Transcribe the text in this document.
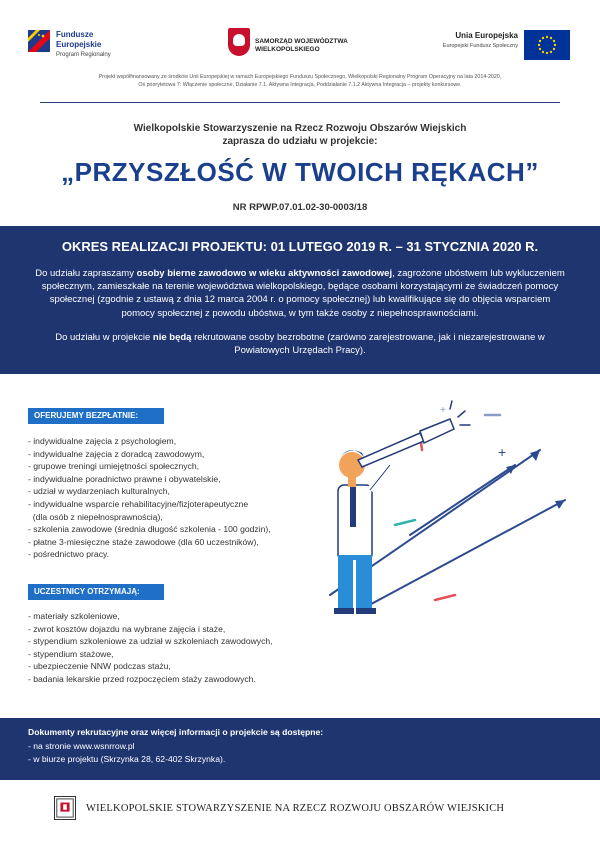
Fundusze
Europejskie
Program Regionalny
SAMORZĄD WOJEWÓDZTWA
WIELKOPOLSKIEGO
Unia Europejska
Europejski Fundusz Społeczny
Projekt współfinansowany ze środków Unii Europejskiej w ramach Europejskiego Funduszu Społecznego, Wielkopolski Regionalny Program Operacyjny na lata 2014-2020,
Oś priorytetowa 7: Włączenie społeczne, Działanie 7.1. Aktywna Integracja, Poddziałanie 7.1.2 Aktywna Integracja – projekty konkursowe.
Wielkopolskie Stowarzyszenie na Rzecz Rozwoju Obszarów Wiejskich
zaprasza do udziału w projekcie:
„PRZYSZŁOŚĆ W TWOICH RĘKACH”
NR RPWP.07.01.02-30-0003/18
OKRES REALIZACJI PROJEKTU: 01 LUTEGO 2019 R. – 31 STYCZNIA 2020 R.
Do udziału zapraszamy osoby bierne zawodowo w wieku aktywności zawodowej, zagrożone ubóstwem lub wykluczeniem społecznym, zamieszkałe na terenie województwa wielkopolskiego, będące osobami korzystającymi ze świadczeń pomocy społecznej (zgodnie z ustawą z dnia 12 marca 2004 r. o pomocy społecznej) lub kwalifikujące się do objęcia wsparciem pomocy społecznej z powodu ubóstwa, w tym także osoby z niepełnosprawnościami.
Do udziału w projekcie nie będą rekrutowane osoby bezrobotne (zarówno zarejestrowane, jak i niezarejestrowane w Powiatowych Urzędach Pracy).
OFERUJEMY BEZPŁATNIE:
- indywidualne zajęcia z psychologiem,
- indywidualne zajęcia z doradcą zawodowym,
- grupowe treningi umiejętności społecznych,
- indywidualne poradnictwo prawne i obywatelskie,
- udział w wydarzeniach kulturalnych,
- indywidualne wsparcie rehabilitacyjne/fizjoterapeutyczne
(dla osób z niepełnosprawnością),
- szkolenia zawodowe (średnia długość szkolenia - 100 godzin),
- płatne 3-miesięczne staże zawodowe (dla 60 uczestników),
- pośrednictwo pracy.
UCZESTNICY OTRZYMAJĄ:
- materiały szkoleniowe,
- zwrot kosztów dojazdu na wybrane zajęcia i staże,
- stypendium szkoleniowe za udział w szkoleniach zawodowych,
- stypendium stażowe,
- ubezpieczenie NNW podczas stażu,
- badania lekarskie przed rozpoczęciem staży zawodowych.
+
+
Dokumenty rekrutacyjne oraz więcej informacji o projekcie są dostępne:
- na stronie www.wsnrrow.pl
- w biurze projektu (Skrzynka 28, 62-402 Skrzynka).
WIELKOPOLSKIE STOWARZYSZENIE NA RZECZ ROZWOJU OBSZARÓW WIEJSKICH
